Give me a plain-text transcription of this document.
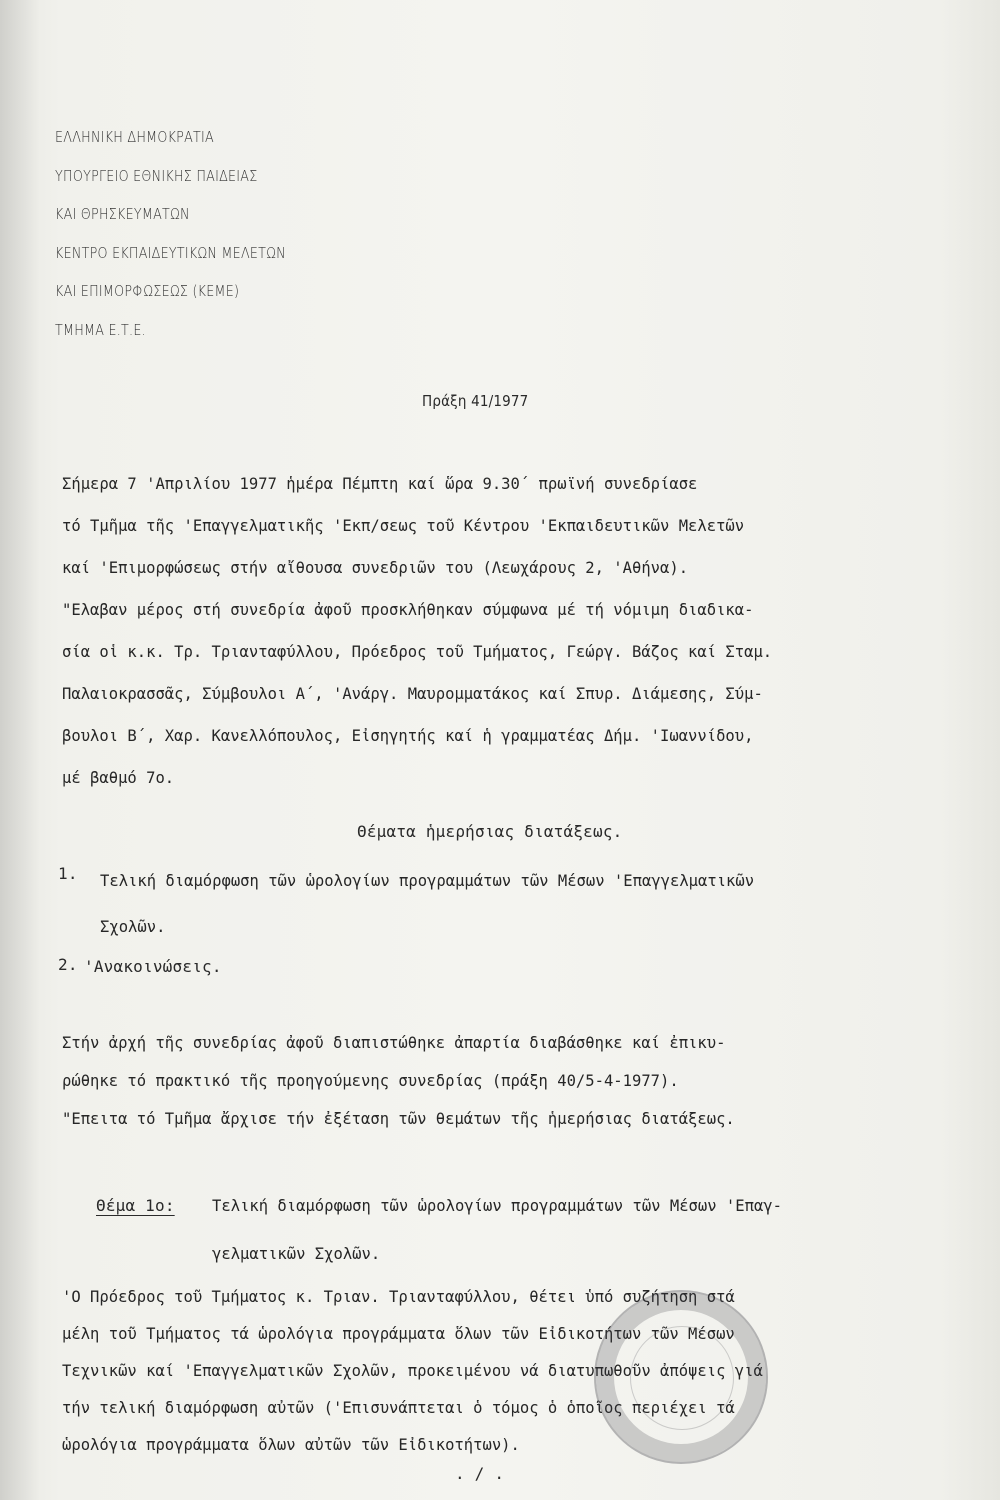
ΕΛΛΗΝΙΚΗ ΔΗΜΟΚΡΑΤΙΑ
ΥΠΟΥΡΓΕΙΟ ΕΘΝΙΚΗΣ ΠΑΙΔΕΙΑΣ
ΚΑΙ ΘΡΗΣΚΕΥΜΑΤΩΝ
ΚΕΝΤΡΟ ΕΚΠΑΙΔΕΥΤΙΚΩΝ ΜΕΛΕΤΩΝ
ΚΑΙ ΕΠΙΜΟΡΦΩΣΕΩΣ (ΚΕΜΕ)
ΤΜΗΜΑ Ε.Τ.Ε.
Πράξη 41/1977
Σήμερα 7 'Απριλίου 1977 ἡμέρα Πέμπτη καί ὥρα 9.30΄ πρωϊνή συνεδρίασε
τό Τμῆμα τῆς 'Επαγγελματικῆς 'Εκπ/σεως τοῦ Κέντρου 'Εκπαιδευτικῶν Μελετῶν
καί 'Επιμορφώσεως στήν αἴθουσα συνεδριῶν του (Λεωχάρους 2, 'Αθήνα).
"Ελαβαν μέρος στή συνεδρία ἀφοῦ προσκλήθηκαν σύμφωνα μέ τή νόμιμη διαδικα-
σία οἱ κ.κ. Τρ. Τριανταφύλλου, Πρόεδρος τοῦ Τμήματος, Γεώργ. Βάζος καί Σταμ.
Παλαιοκρασσᾶς, Σύμβουλοι Α΄, 'Ανάργ. Μαυρομματάκος καί Σπυρ. Διάμεσης, Σύμ-
βουλοι Β΄, Χαρ. Κανελλόπουλος, Εἰσηγητής καί ἡ γραμματέας Δήμ. 'Ιωαννίδου,
μέ βαθμό 7ο.
Θέματα ἡμερήσιας διατάξεως.
1. Τελική διαμόρφωση τῶν ὡρολογίων προγραμμάτων τῶν Μέσων 'Επαγγελματικῶν
Σχολῶν.
2. 'Ανακοινώσεις.
Στήν ἀρχή τῆς συνεδρίας ἀφοῦ διαπιστώθηκε ἀπαρτία διαβάσθηκε καί ἐπικυ-
ρώθηκε τό πρακτικό τῆς προηγούμενης συνεδρίας (πράξη 40/5-4-1977).
"Επειτα τό Τμῆμα ἄρχισε τήν ἐξέταση τῶν θεμάτων τῆς ἡμερήσιας διατάξεως.
Θέμα 1ο: Τελική διαμόρφωση τῶν ὡρολογίων προγραμμάτων τῶν Μέσων 'Επαγ-
γελματικῶν Σχολῶν.
'Ο Πρόεδρος τοῦ Τμήματος κ. Τριαν. Τριανταφύλλου, θέτει ὑπό συζήτηση στά
μέλη τοῦ Τμήματος τά ὡρολόγια προγράμματα ὅλων τῶν Εἰδικοτήτων τῶν Μέσων
Τεχνικῶν καί 'Επαγγελματικῶν Σχολῶν, προκειμένου νά διατυπωθοῦν ἀπόψεις γιά
τήν τελική διαμόρφωση αὐτῶν ('Επισυνάπτεται ὁ τόμος ὁ ὁποῖος περιέχει τά
ὡρολόγια προγράμματα ὅλων αὐτῶν τῶν Εἰδικοτήτων).
. / .
